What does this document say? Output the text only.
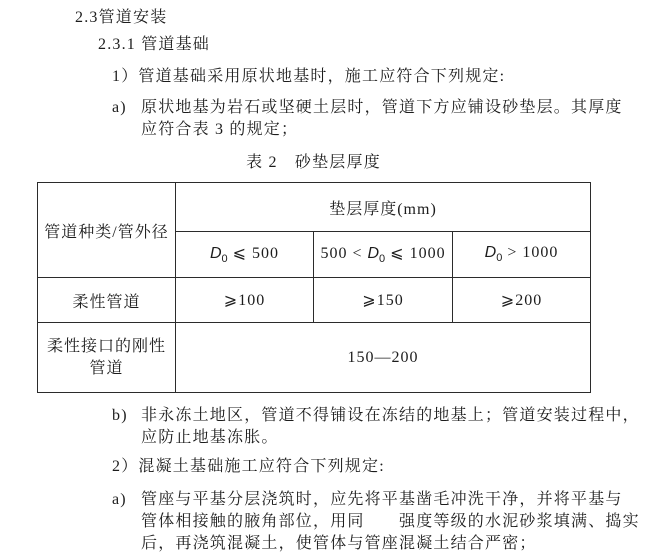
2.3管道安装
2.3.1 管道基础
1）管道基础采用原状地基时，施工应符合下列规定:
a) 原状地基为岩石或坚硬土层时，管道下方应铺设砂垫层。其厚度
应符合表 3 的规定；
表 2　砂垫层厚度
管道种类/管外径	垫层厚度(mm)		
	$D_0$ ⩽ 500	$500 < D_0$ ⩽ 1000	$D_0 > 1000$
柔性管道	⩾100	⩾150	⩾200
柔性接口的刚性管道	150—200		
b) 非永冻土地区，管道不得铺设在冻结的地基上；管道安装过程中，
应防止地基冻胀。
2）混凝土基础施工应符合下列规定:
a) 管座与平基分层浇筑时，应先将平基凿毛冲洗干净，并将平基与
管体相接触的腋角部位，用同　　强度等级的水泥砂浆填满、捣实
后，再浇筑混凝土，使管体与管座混凝土结合严密；
